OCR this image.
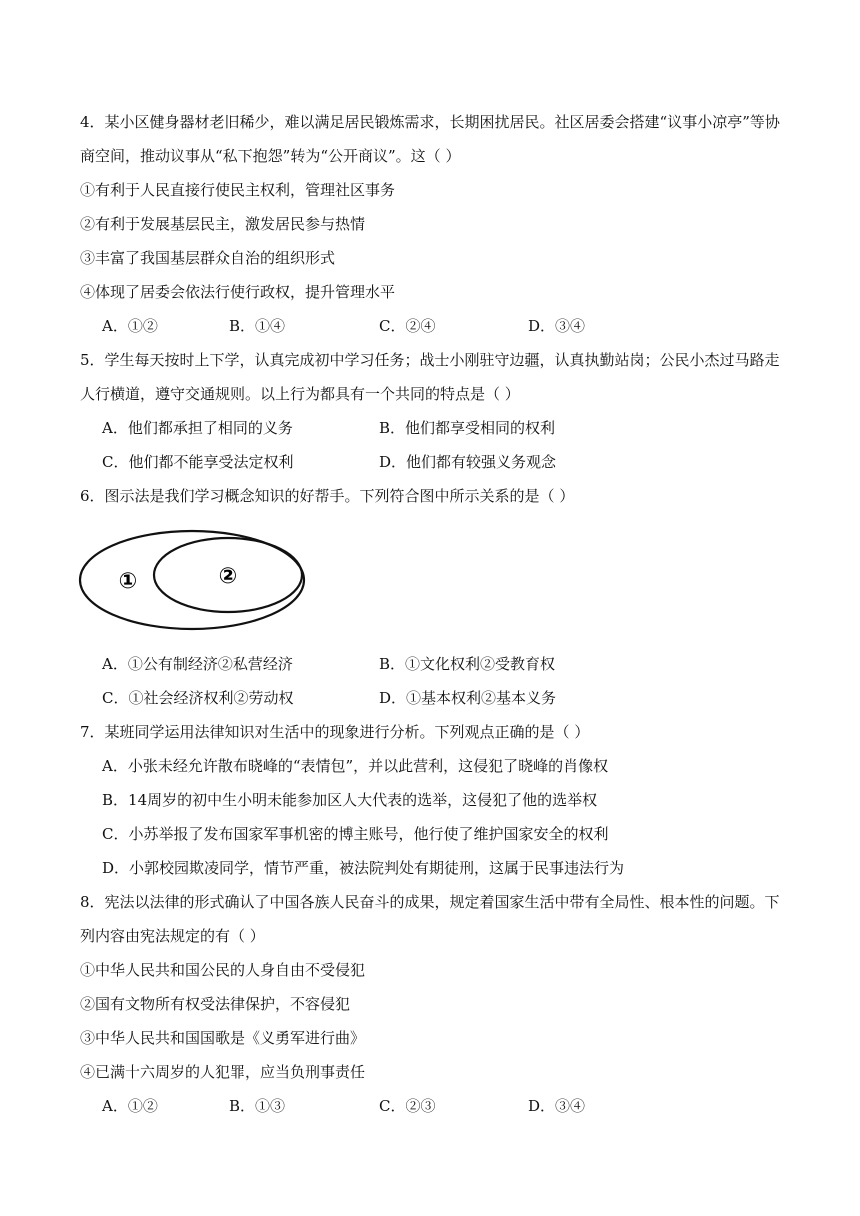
4．某小区健身器材老旧稀少，难以满足居民锻炼需求，长期困扰居民。社区居委会搭建“议事小凉亭”等协
商空间，推动议事从“私下抱怨”转为“公开商议”。这（ ）
①有利于人民直接行使民主权利，管理社区事务
②有利于发展基层民主，激发居民参与热情
③丰富了我国基层群众自治的组织形式
④体现了居委会依法行使行政权，提升管理水平
A．①②	B．①④	C．②④	D．③④
5．学生每天按时上下学，认真完成初中学习任务；战士小刚驻守边疆，认真执勤站岗；公民小杰过马路走
人行横道，遵守交通规则。以上行为都具有一个共同的特点是（ ）
A．他们都承担了相同的义务	B．他们都享受相同的权利
C．他们都不能享受法定权利	D．他们都有较强义务观念
6．图示法是我们学习概念知识的好帮手。下列符合图中所示关系的是（ ）
①	②
A．①公有制经济②私营经济	B．①文化权利②受教育权
C．①社会经济权利②劳动权	D．①基本权利②基本义务
7．某班同学运用法律知识对生活中的现象进行分析。下列观点正确的是（ ）
A．小张未经允许散布晓峰的“表情包”，并以此营利，这侵犯了晓峰的肖像权
B．14周岁的初中生小明未能参加区人大代表的选举，这侵犯了他的选举权
C．小苏举报了发布国家军事机密的博主账号，他行使了维护国家安全的权利
D．小郭校园欺凌同学，情节严重，被法院判处有期徒刑，这属于民事违法行为
8．宪法以法律的形式确认了中国各族人民奋斗的成果，规定着国家生活中带有全局性、根本性的问题。下
列内容由宪法规定的有（ ）
①中华人民共和国公民的人身自由不受侵犯
②国有文物所有权受法律保护，不容侵犯
③中华人民共和国国歌是《义勇军进行曲》
④已满十六周岁的人犯罪，应当负刑事责任
A．①②	B．①③	C．②③	D．③④
